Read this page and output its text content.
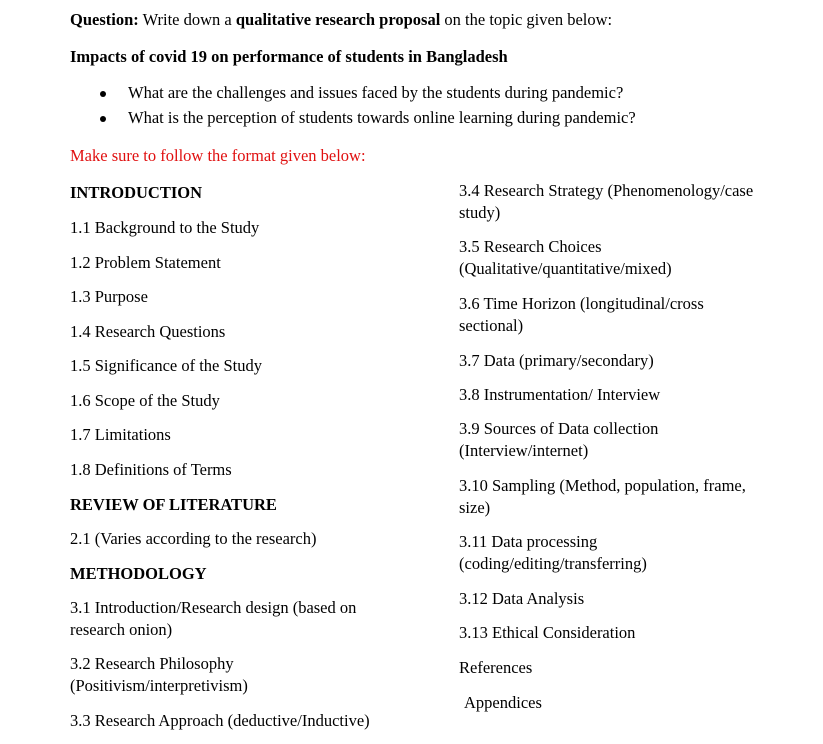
Question: Write down a qualitative research proposal on the topic given below:
Impacts of covid 19 on performance of students in Bangladesh
What are the challenges and issues faced by the students during pandemic?
What is the perception of students towards online learning during pandemic?
Make sure to follow the format given below:
INTRODUCTION
1.1 Background to the Study
1.2 Problem Statement
1.3 Purpose
1.4 Research Questions
1.5 Significance of the Study
1.6 Scope of the Study
1.7 Limitations
1.8 Definitions of Terms
REVIEW OF LITERATURE
2.1 (Varies according to the research)
METHODOLOGY
3.1 Introduction/Research design (based on research onion)
3.2 Research Philosophy (Positivism/interpretivism)
3.3 Research Approach (deductive/Inductive)
3.4 Research Strategy (Phenomenology/case study)
3.5 Research Choices (Qualitative/quantitative/mixed)
3.6 Time Horizon (longitudinal/cross sectional)
3.7 Data (primary/secondary)
3.8 Instrumentation/ Interview
3.9 Sources of Data collection (Interview/internet)
3.10 Sampling (Method, population, frame, size)
3.11 Data processing (coding/editing/transferring)
3.12 Data Analysis
3.13 Ethical Consideration
References
Appendices
